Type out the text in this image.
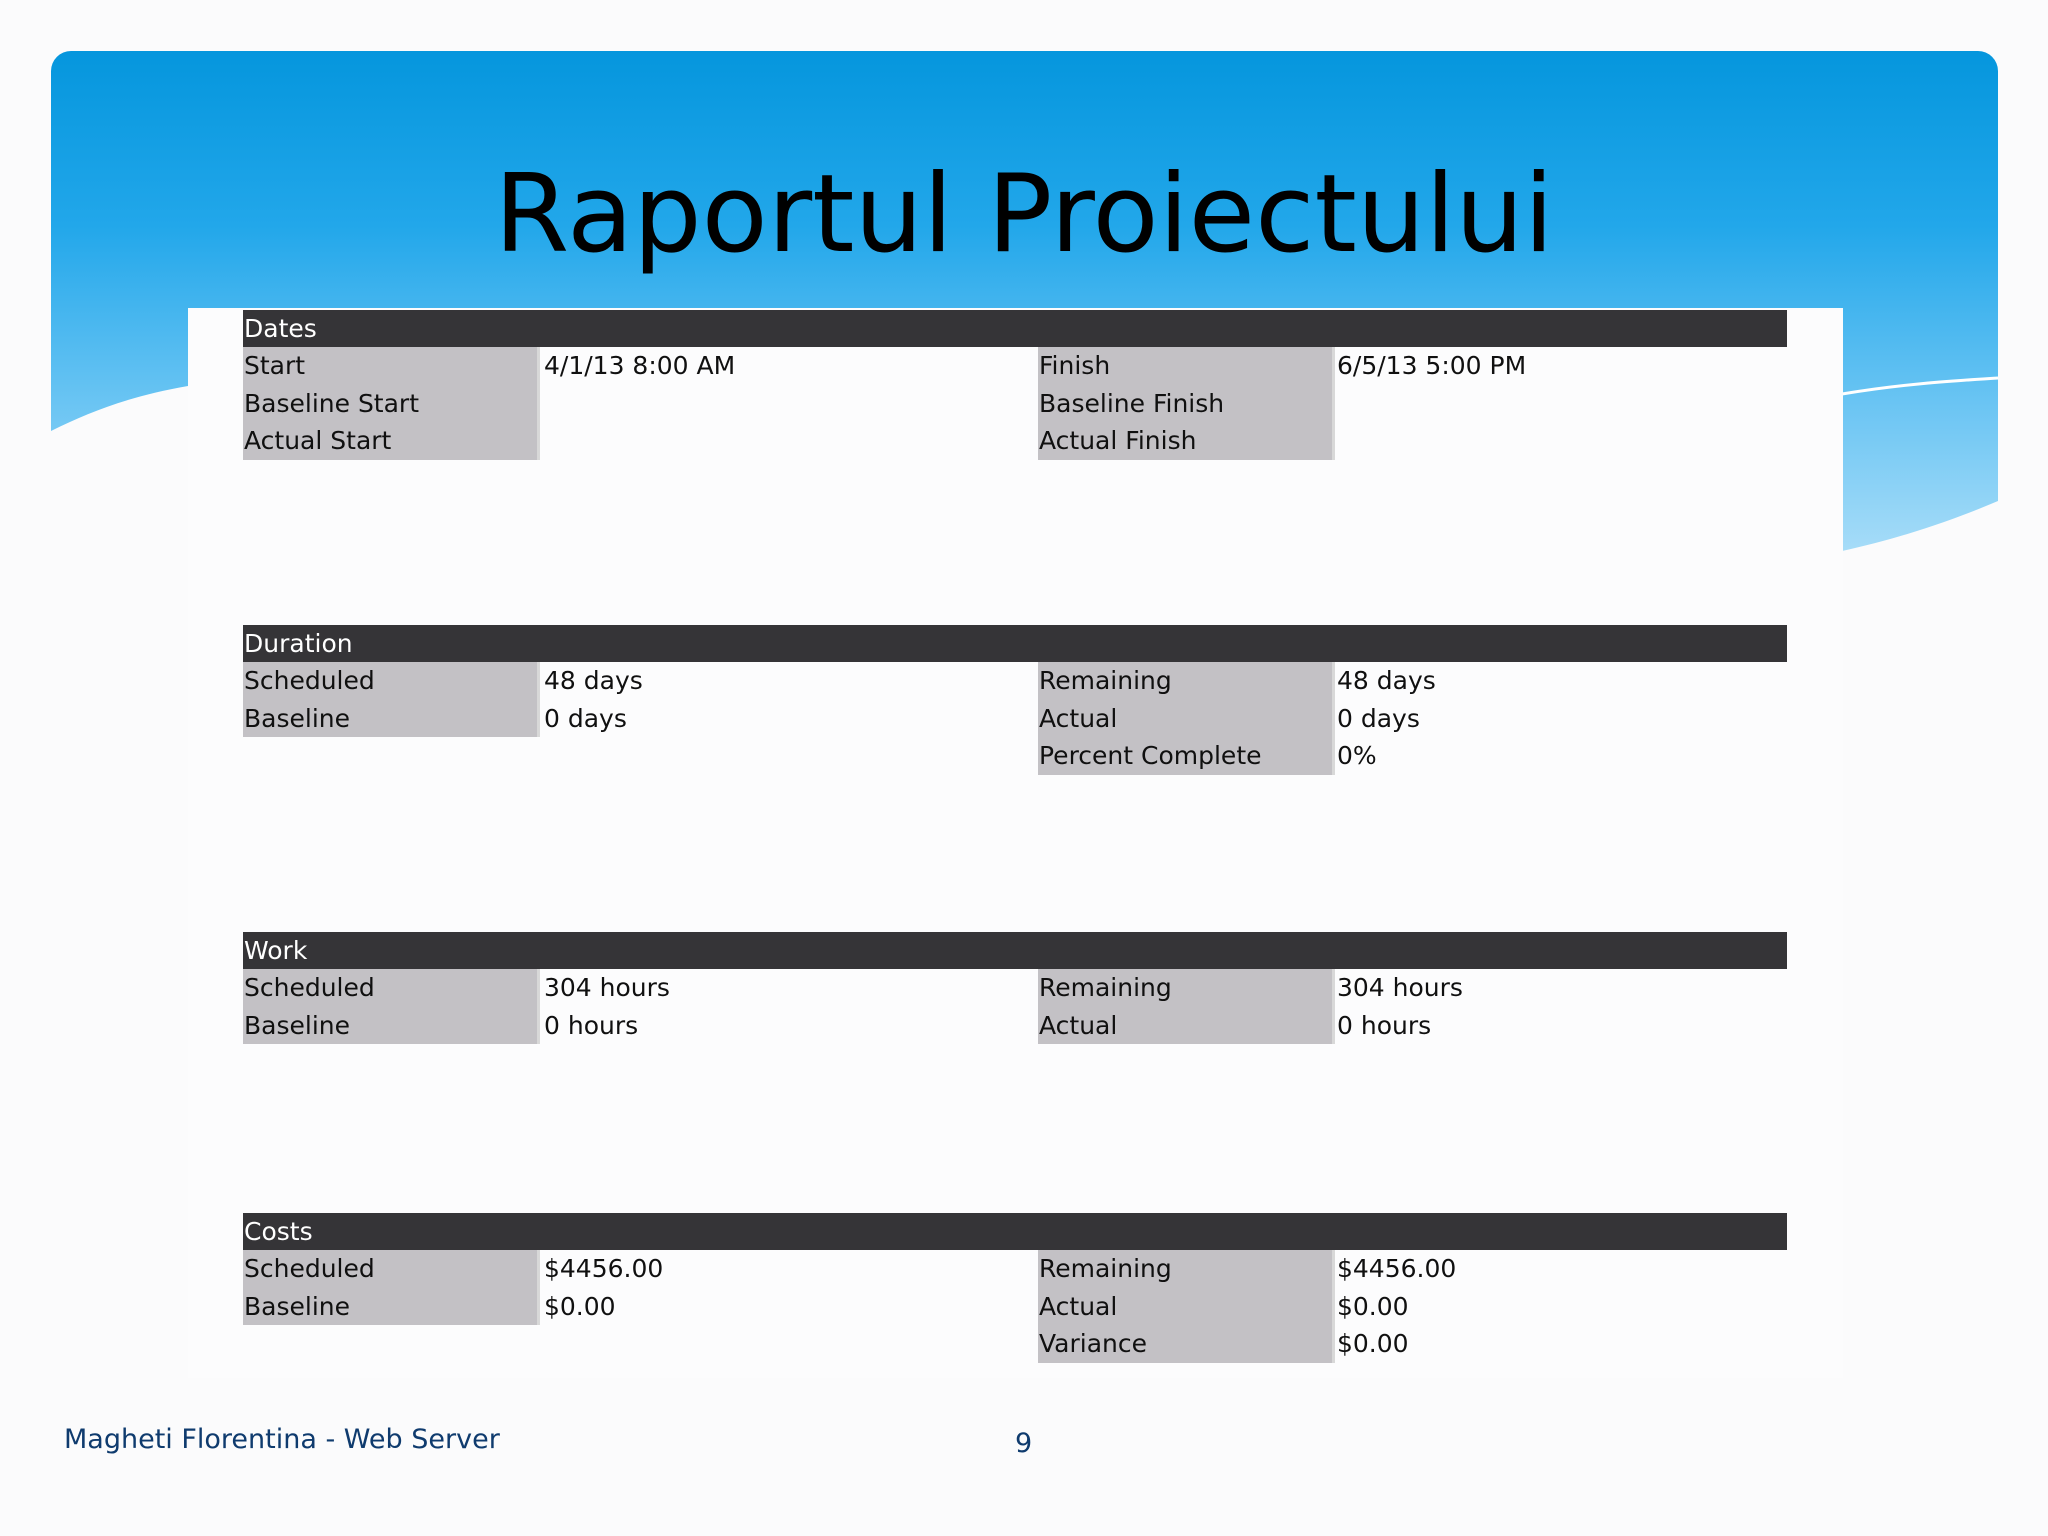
Raportul Proiectului
Dates
Start	4/1/13 8:00 AM	Finish	6/5/13 5:00 PM
Baseline Start	Baseline Finish
Actual Start	Actual Finish
Duration
Scheduled	48 days	Remaining	48 days
Baseline	0 days	Actual	0 days
Percent Complete	0%
Work
Scheduled	304 hours	Remaining	304 hours
Baseline	0 hours	Actual	0 hours
Costs
Scheduled	$4456.00	Remaining	$4456.00
Baseline	$0.00	Actual	$0.00
Variance	$0.00
Magheti Florentina - Web Server	9
